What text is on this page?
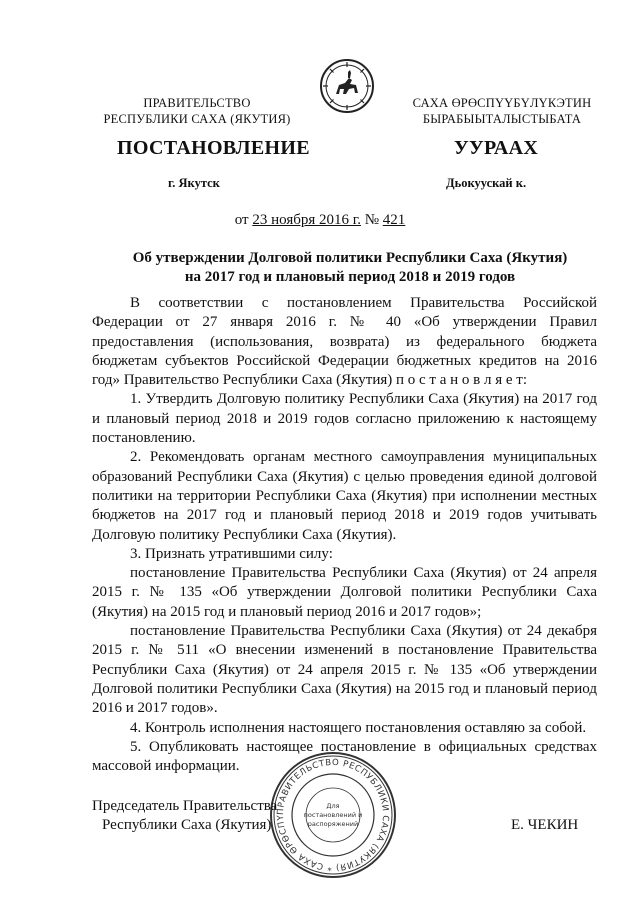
ПРАВИТЕЛЬСТВО
РЕСПУБЛИКИ САХА (ЯКУТИЯ)
САХА ӨРӨСПҮҮБҮЛҮКЭТИН
БЫРАБЫЫТАЛЫСТЫБАТА
ПОСТАНОВЛЕНИЕ	УУРААХ
г. Якутск	Дьокуускай к.
от 23 ноября 2016 г. № 421
Об утверждении Долговой политики Республики Саха (Якутия)
на 2017 год и плановый период 2018 и 2019 годов

В соответствии с постановлением Правительства Российской Федерации от 27 января 2016 г. № 40 «Об утверждении Правил предоставления (использования, возврата) из федерального бюджета бюджетам субъектов Российской Федерации бюджетных кредитов на 2016 год» Правительство Республики Саха (Якутия) п о с т а н о в л я е т:

1. Утвердить Долговую политику Республики Саха (Якутия) на 2017 год и плановый период 2018 и 2019 годов согласно приложению к настоящему постановлению.

2. Рекомендовать органам местного самоуправления муниципальных образований Республики Саха (Якутия) с целью проведения единой долговой политики на территории Республики Саха (Якутия) при исполнении местных бюджетов на 2017 год и плановый период 2018 и 2019 годов учитывать Долговую политику Республики Саха (Якутия).

3. Признать утратившими силу:

постановление Правительства Республики Саха (Якутия) от 24 апреля 2015 г. № 135 «Об утверждении Долговой политики Республики Саха (Якутия) на 2015 год и плановый период 2016 и 2017 годов»;

постановление Правительства Республики Саха (Якутия) от 24 декабря 2015 г. № 511 «О внесении изменений в постановление Правительства Республики Саха (Якутия) от 24 апреля 2015 г. № 135 «Об утверждении Долговой политики Республики Саха (Якутия) на 2015 год и плановый период 2016 и 2017 годов».

4. Контроль исполнения настоящего постановления оставляю за собой.

5. Опубликовать настоящее постановление в официальных средствах массовой информации.

ПРАВИТЕЛЬСТВО РЕСПУБЛИКИ САХА (ЯКУТИЯ) * САХА ӨРӨСПҮ
Для
постановлений и
распоряжений
Председатель Правительства
Республики Саха (Якутия)	Е. ЧЕКИН
